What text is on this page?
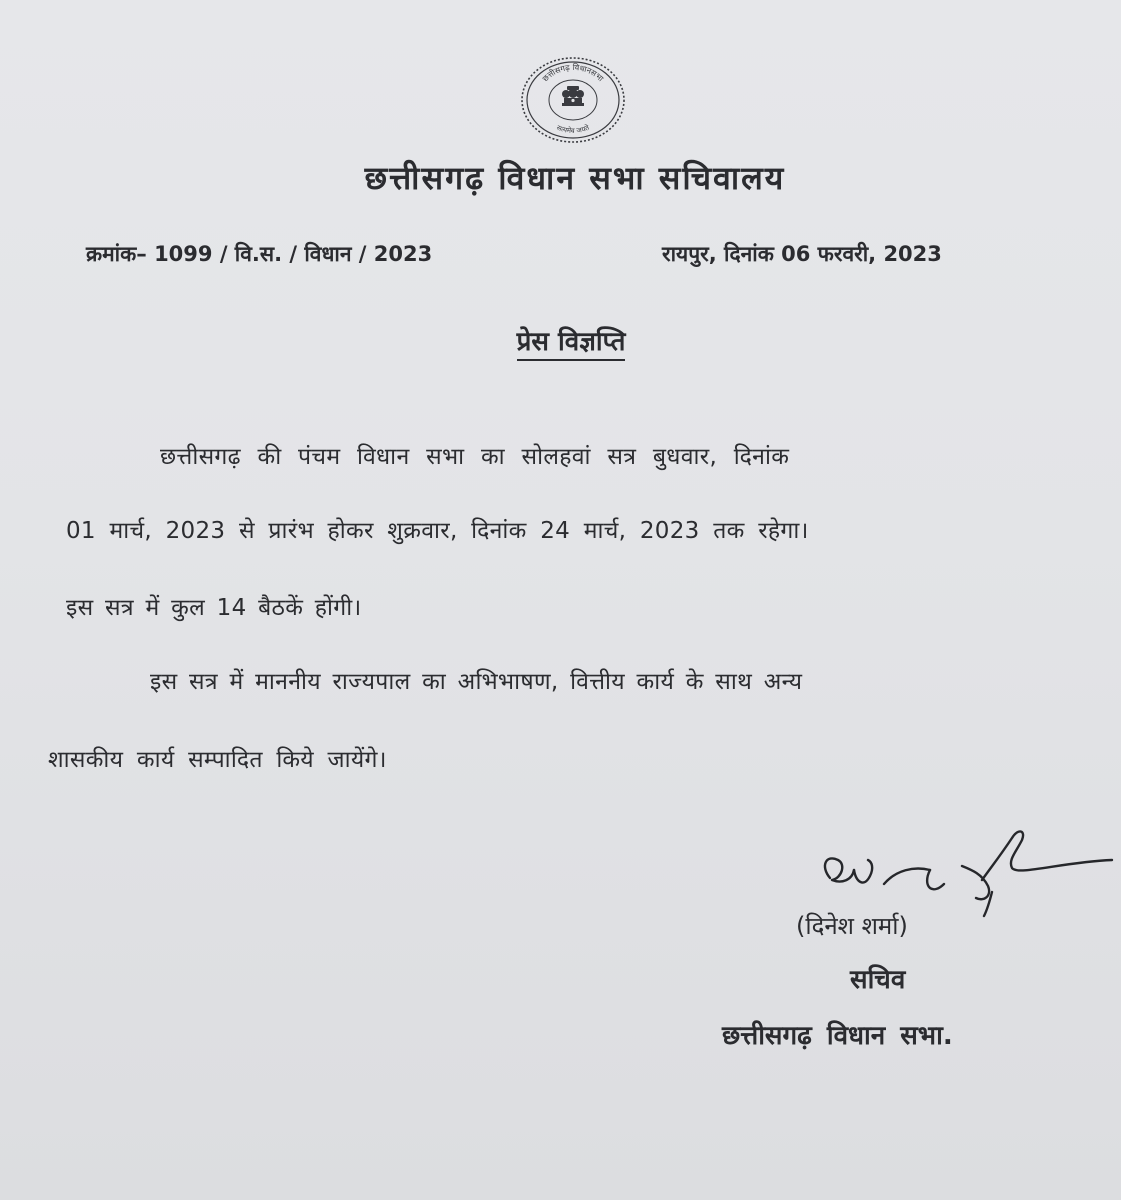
छत्तीसगढ़ विधानसभा
सत्यमेव जयते
छत्तीसगढ़ विधान सभा सचिवालय
क्रमांक– 1099 / वि.स. / विधान / 2023	रायपुर, दिनांक 06 फरवरी, 2023
प्रेस विज्ञप्ति
छत्तीसगढ़ की पंचम विधान सभा का सोलहवां सत्र बुधवार, दिनांक
01 मार्च, 2023 से प्रारंभ होकर शुक्रवार, दिनांक 24 मार्च, 2023 तक रहेगा।
इस सत्र में कुल 14 बैठकें होंगी।
इस सत्र में माननीय राज्यपाल का अभिभाषण, वित्तीय कार्य के साथ अन्य
शासकीय कार्य सम्पादित किये जायेंगे।
(दिनेश शर्मा)
सचिव
छत्तीसगढ़ विधान सभा.
